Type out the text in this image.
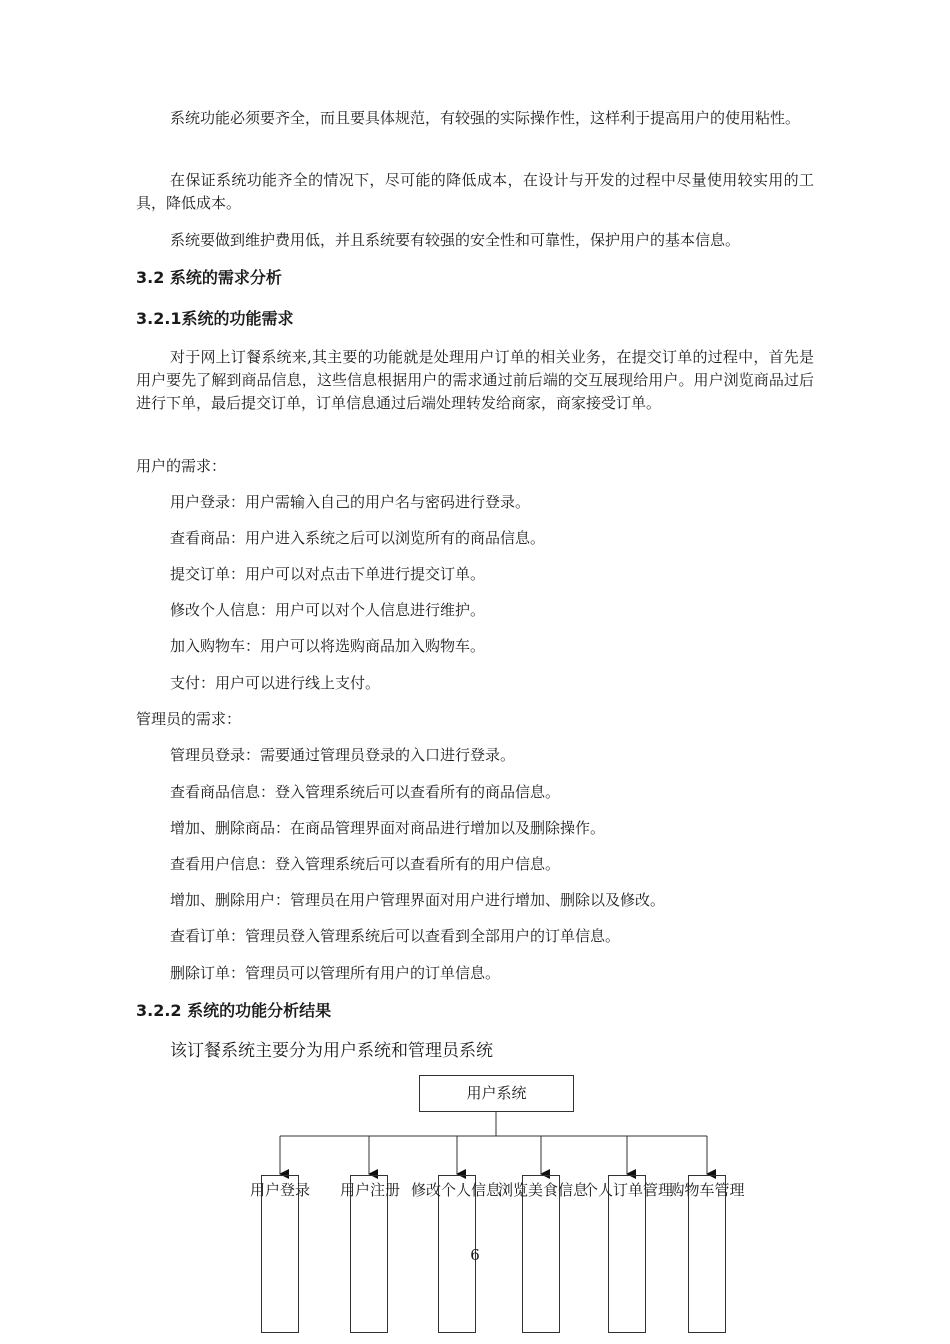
系统功能必须要齐全，而且要具体规范，有较强的实际操作性，这样利于提高用户的使用粘性。

在保证系统功能齐全的情况下，尽可能的降低成本，在设计与开发的过程中尽量使用较实用的工具，降低成本。

系统要做到维护费用低，并且系统要有较强的安全性和可靠性，保护用户的基本信息。

3.2 系统的需求分析
3.2.1系统的功能需求

对于网上订餐系统来,其主要的功能就是处理用户订单的相关业务，在提交订单的过程中，首先是用户要先了解到商品信息，这些信息根据用户的需求通过前后端的交互展现给用户。用户浏览商品过后进行下单，最后提交订单，订单信息通过后端处理转发给商家，商家接受订单。

用户的需求：

用户登录：用户需输入自己的用户名与密码进行登录。

查看商品：用户进入系统之后可以浏览所有的商品信息。

提交订单：用户可以对点击下单进行提交订单。

修改个人信息：用户可以对个人信息进行维护。

加入购物车：用户可以将选购商品加入购物车。

支付：用户可以进行线上支付。

管理员的需求：

管理员登录：需要通过管理员登录的入口进行登录。

查看商品信息：登入管理系统后可以查看所有的商品信息。

增加、删除商品：在商品管理界面对商品进行增加以及删除操作。

查看用户信息：登入管理系统后可以查看所有的用户信息。

增加、删除用户：管理员在用户管理界面对用户进行增加、删除以及修改。

查看订单：管理员登入管理系统后可以查看到全部用户的订单信息。

删除订单：管理员可以管理所有用户的订单信息。

3.2.2 系统的功能分析结果

该订餐系统主要分为用户系统和管理员系统

用户系统
用户登录 用户注册 修改个人信息
浏览美食信息
个人订单管理
购物车管理
6
